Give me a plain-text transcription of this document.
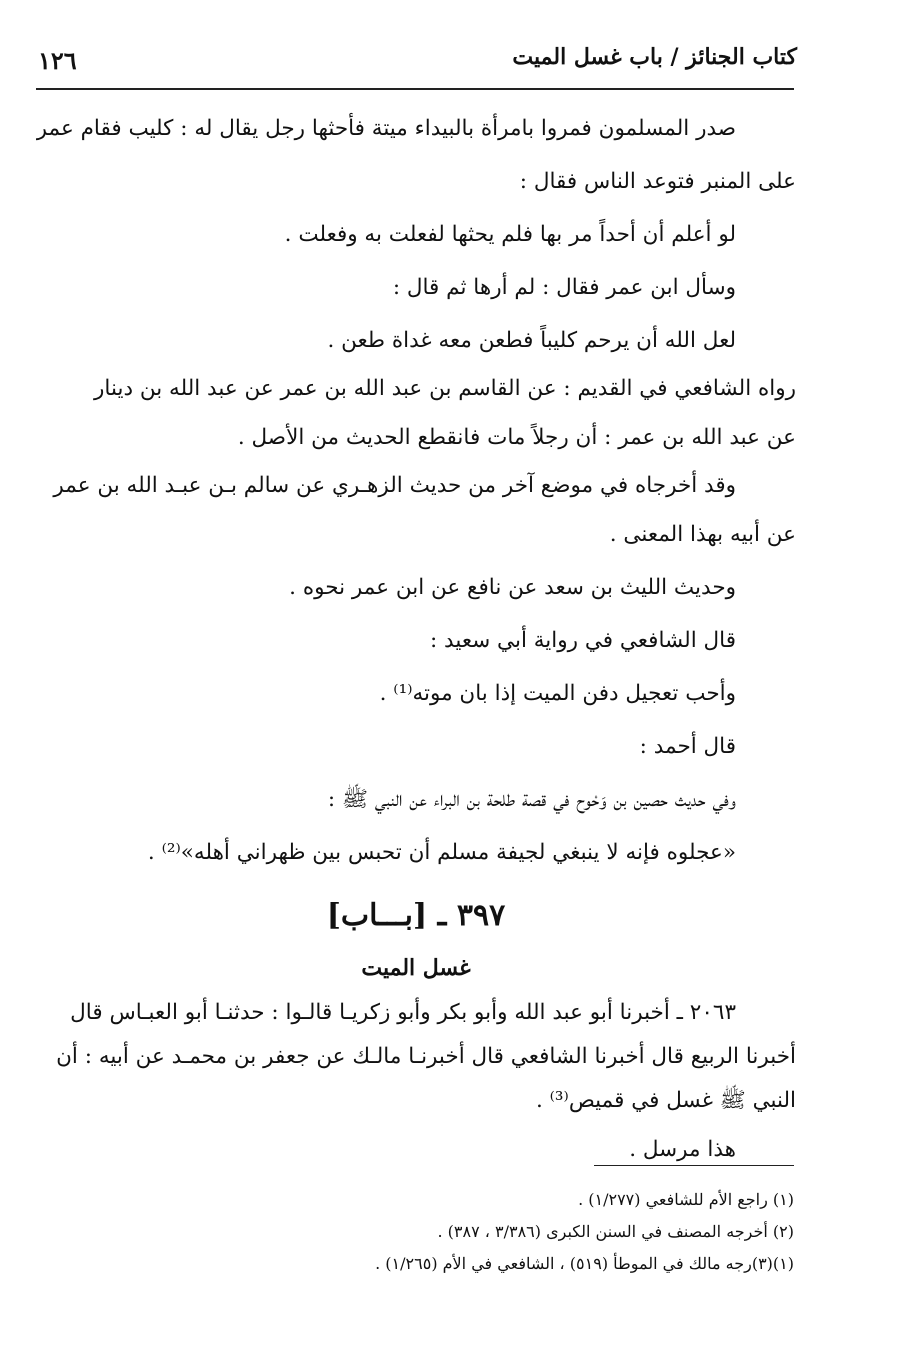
كتاب الجنائز / باب غسل الميت
١٢٦
صدر المسلمون فمروا بامرأة بالبيداء ميتة فأحثها رجل يقال له : كليب فقام عمر
على المنبر فتوعد الناس فقال :
لو أعلم أن أحداً مر بها فلم يحثها لفعلت به وفعلت .
وسأل ابن عمر فقال : لم أرها ثم قال :
لعل الله أن يرحم كليباً فطعن معه غداة طعن .
رواه الشافعي في القديم : عن القاسم بن عبد الله بن عمر عن عبد الله بن دينار
عن عبد الله بن عمر : أن رجلاً مات فانقطع الحديث من الأصل .
وقد أخرجاه في موضع آخر من حديث الزهـري عن سالم بـن عبـد الله بن عمر
عن أبيه بهذا المعنى .
وحديث الليث بن سعد عن نافع عن ابن عمر نحوه .
قال الشافعي في رواية أبي سعيد :
وأحب تعجيل دفن الميت إذا بان موته⁽¹⁾ .
قال أحمد :
وفي حديث حصين بن وَحْوح في قصة طلحة بن البراء عن النبي ﷺ :
«عجلوه فإنه لا ينبغي لجيفة مسلم أن تحبس بين ظهراني أهله»⁽²⁾ .
٣٩٧ ـ [بـــاب]
غسل الميت
٢٠٦٣ ـ أخبرنا أبو عبد الله وأبو بكر وأبو زكريـا قالـوا : حدثنـا أبو العبـاس قال
أخبرنا الربيع قال أخبرنا الشافعي قال أخبرنـا مالـك عن جعفر بن محمـد عن أبيه : أن
النبي ﷺ غسل في قميص⁽³⁾ .
هذا مرسل .
(١) راجع الأم للشافعي (١/٢٧٧) .
(٢) أخرجه المصنف في السنن الكبرى (٣/٣٨٦ ، ٣٨٧) .
(١)(٣)رجه مالك في الموطأ (٥١٩) ، الشافعي في الأم (١/٢٦٥) .
